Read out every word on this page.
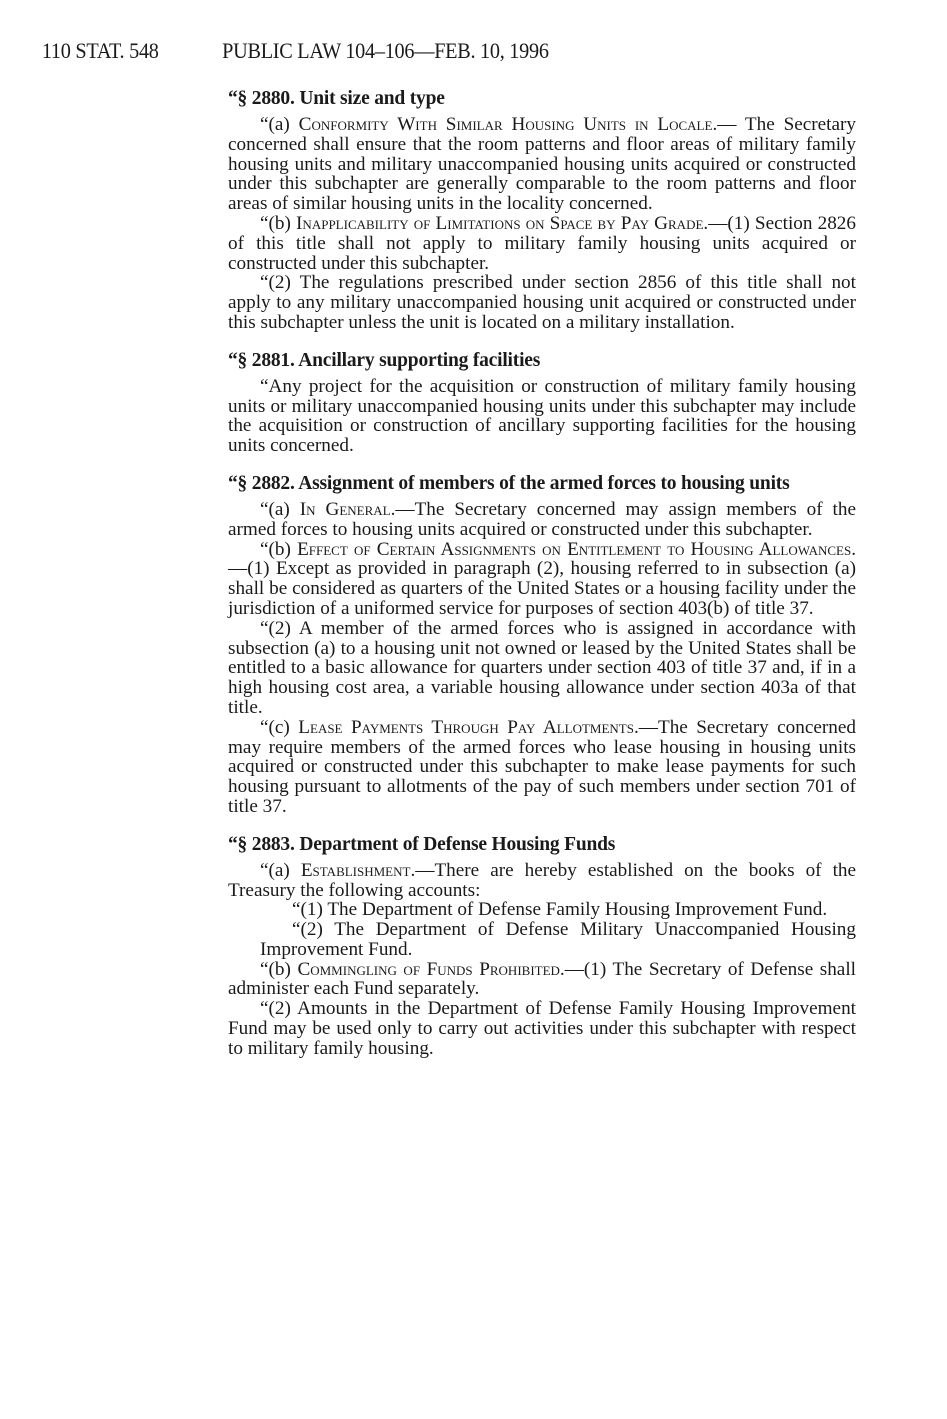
110 STAT. 548	PUBLIC LAW 104–106—FEB. 10, 1996
“§ 2880. Unit size and type

“(a) Conformity With Similar Housing Units in Locale.— The Secretary concerned shall ensure that the room patterns and floor areas of military family housing units and military unaccompanied housing units acquired or constructed under this subchapter are generally comparable to the room patterns and floor areas of similar housing units in the locality concerned.

“(b) Inapplicability of Limitations on Space by Pay Grade.—(1) Section 2826 of this title shall not apply to military family housing units acquired or constructed under this subchapter.

“(2) The regulations prescribed under section 2856 of this title shall not apply to any military unaccompanied housing unit acquired or constructed under this subchapter unless the unit is located on a military installation.

“§ 2881. Ancillary supporting facilities

“Any project for the acquisition or construction of military family housing units or military unaccompanied housing units under this subchapter may include the acquisition or construction of ancillary supporting facilities for the housing units concerned.

“§ 2882. Assignment of members of the armed forces to housing units

“(a) In General.—The Secretary concerned may assign members of the armed forces to housing units acquired or constructed under this subchapter.

“(b) Effect of Certain Assignments on Entitlement to Housing Allowances.—(1) Except as provided in paragraph (2), housing referred to in subsection (a) shall be considered as quarters of the United States or a housing facility under the jurisdiction of a uniformed service for purposes of section 403(b) of title 37.

“(2) A member of the armed forces who is assigned in accordance with subsection (a) to a housing unit not owned or leased by the United States shall be entitled to a basic allowance for quarters under section 403 of title 37 and, if in a high housing cost area, a variable housing allowance under section 403a of that title.

“(c) Lease Payments Through Pay Allotments.—The Secretary concerned may require members of the armed forces who lease housing in housing units acquired or constructed under this subchapter to make lease payments for such housing pursuant to allotments of the pay of such members under section 701 of title 37.

“§ 2883. Department of Defense Housing Funds

“(a) Establishment.—There are hereby established on the books of the Treasury the following accounts:

“(1) The Department of Defense Family Housing Improvement Fund.

“(2) The Department of Defense Military Unaccompanied Housing Improvement Fund.

“(b) Commingling of Funds Prohibited.—(1) The Secretary of Defense shall administer each Fund separately.

“(2) Amounts in the Department of Defense Family Housing Improvement Fund may be used only to carry out activities under this subchapter with respect to military family housing.
